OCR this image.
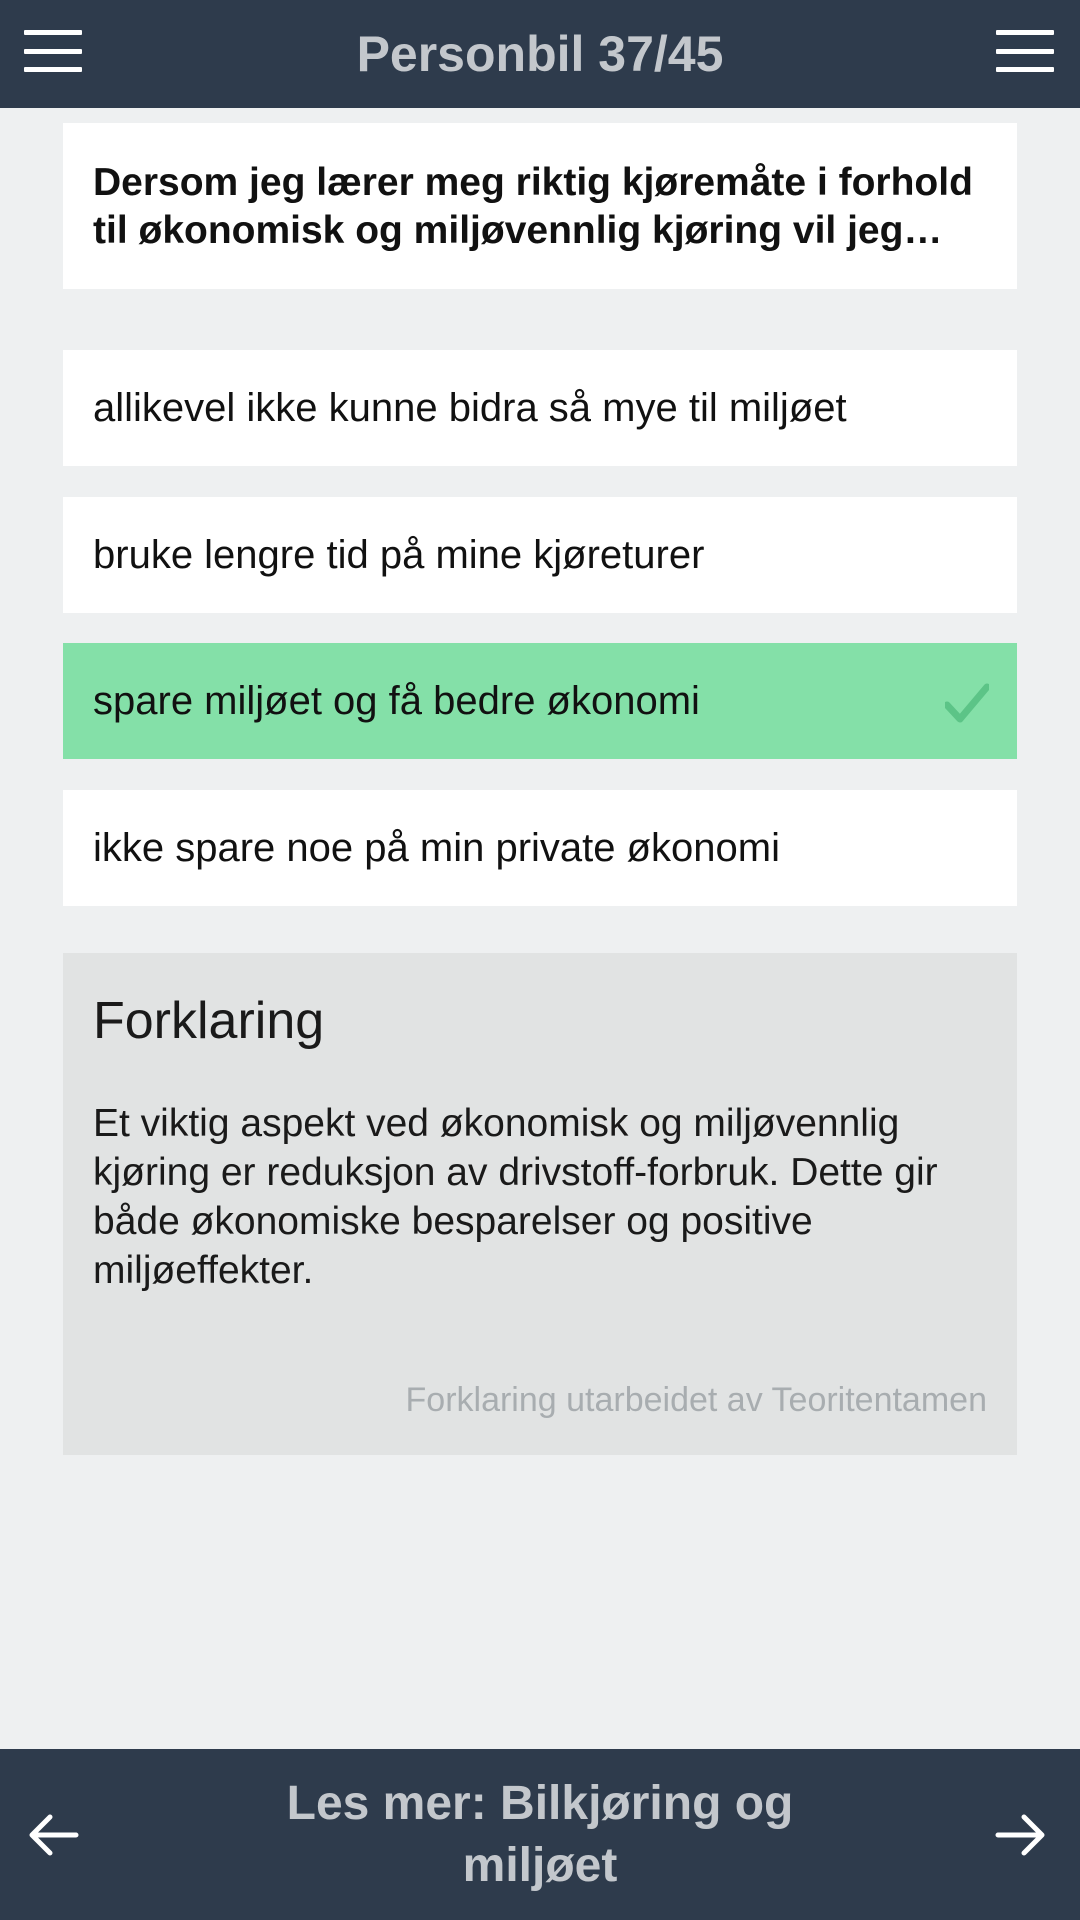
Personbil 37/45
Dersom jeg lærer meg riktig kjøremåte i forhold til økonomisk og miljøvennlig kjøring vil jeg…
allikevel ikke kunne bidra så mye til miljøet
bruke lengre tid på mine kjøreturer
spare miljøet og få bedre økonomi
ikke spare noe på min private økonomi
Forklaring
Et viktig aspekt ved økonomisk og miljøvennlig kjøring er reduksjon av drivstoff-forbruk. Dette gir både økonomiske besparelser og positive miljøeffekter.
Forklaring utarbeidet av Teoritentamen
Les mer: Bilkjøring og miljøet
